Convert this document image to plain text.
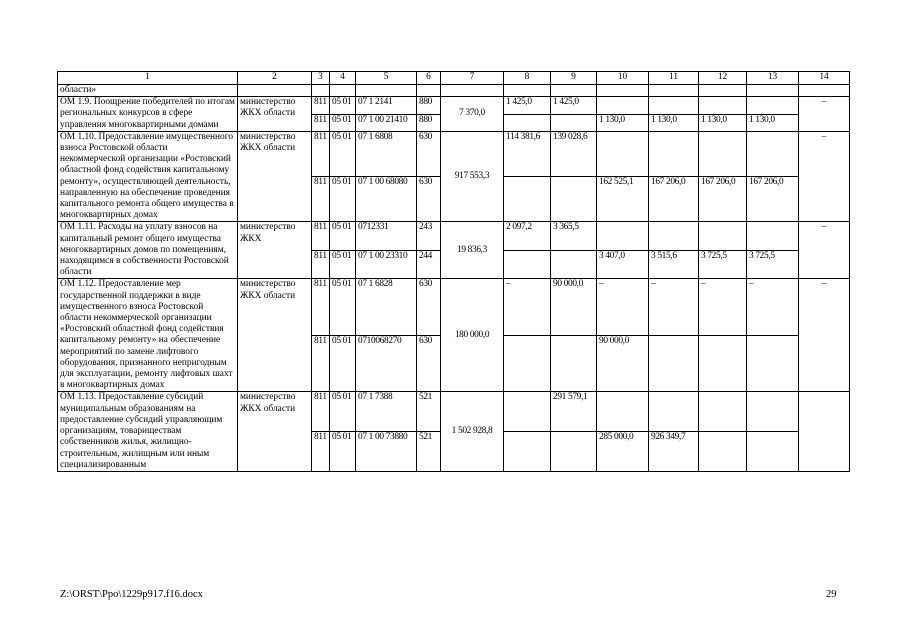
1	2	3	4	5	6	7	8	9	10	11	12	13	14
области»													
ОМ 1.9. Поощрение победителей по итогам региональных конкурсов в сфере управления многоквартирными домами	министерство ЖКХ области	811	05 01	07 1 2141	880	7 370,0	1 425,0	1 425,0					–
		811	05 01	07 1 00 21410	880				1 130,0	1 130,0	1 130,0	1 130,0	
ОМ 1.10. Предоставление имущественного взноса Ростовской области некоммерческой организации «Ростовский областной фонд содействия капитальному ремонту», осуществляющей деятельность, направленную на обеспечение проведения капитального ремонта общего имущества в многоквартирных домах	министерство ЖКХ области	811	05 01	07 1 6808	630	917 553,3	114 381,6	139 028,6					–
		811	05 01	07 1 00 68080	630				162 525,1	167 206,0	167 206,0	167 206,0	
ОМ 1.11. Расходы на уплату взносов на капитальный ремонт общего имущества многоквартирных домов по помещениям, находящимся в собственности Ростовской области	министерство ЖКХ	811	05 01	0712331	243	19 836,3	2 097,2	3 365,5					–
		811	05 01	07 1 00 23310	244				3 407,0	3 515,6	3 725,5	3 725,5	
ОМ 1.12. Предоставление мер государственной поддержки в виде имущественного взноса Ростовской области некоммерческой организации «Ростовский областной фонд содействия капитальному ремонту» на обеспечение мероприятий по замене лифтового оборудования, признанного непригодным для эксплуатации, ремонту лифтовых шахт в многоквартирных домах	министерство ЖКХ области	811	05 01	07 1 6828	630	180 000,0	–	90 000,0	–	–	–	–	–
		811	05 01	0710068270	630				90 000,0				
ОМ 1.13. Предоставление субсидий муниципальным образованиям на предоставление субсидий управляющим организациям, товариществам собственников жилья, жилищно-строительным, жилищным или иным специализированным	министерство ЖКХ области	811	05 01	07 1 7388	521	1 502 928,8		291 579,1					
		811	05 01	07 1 00 73880	521				285 000,0	926 349,7			
Z:\ORST\Ppo\1229p917.f16.docx	29
